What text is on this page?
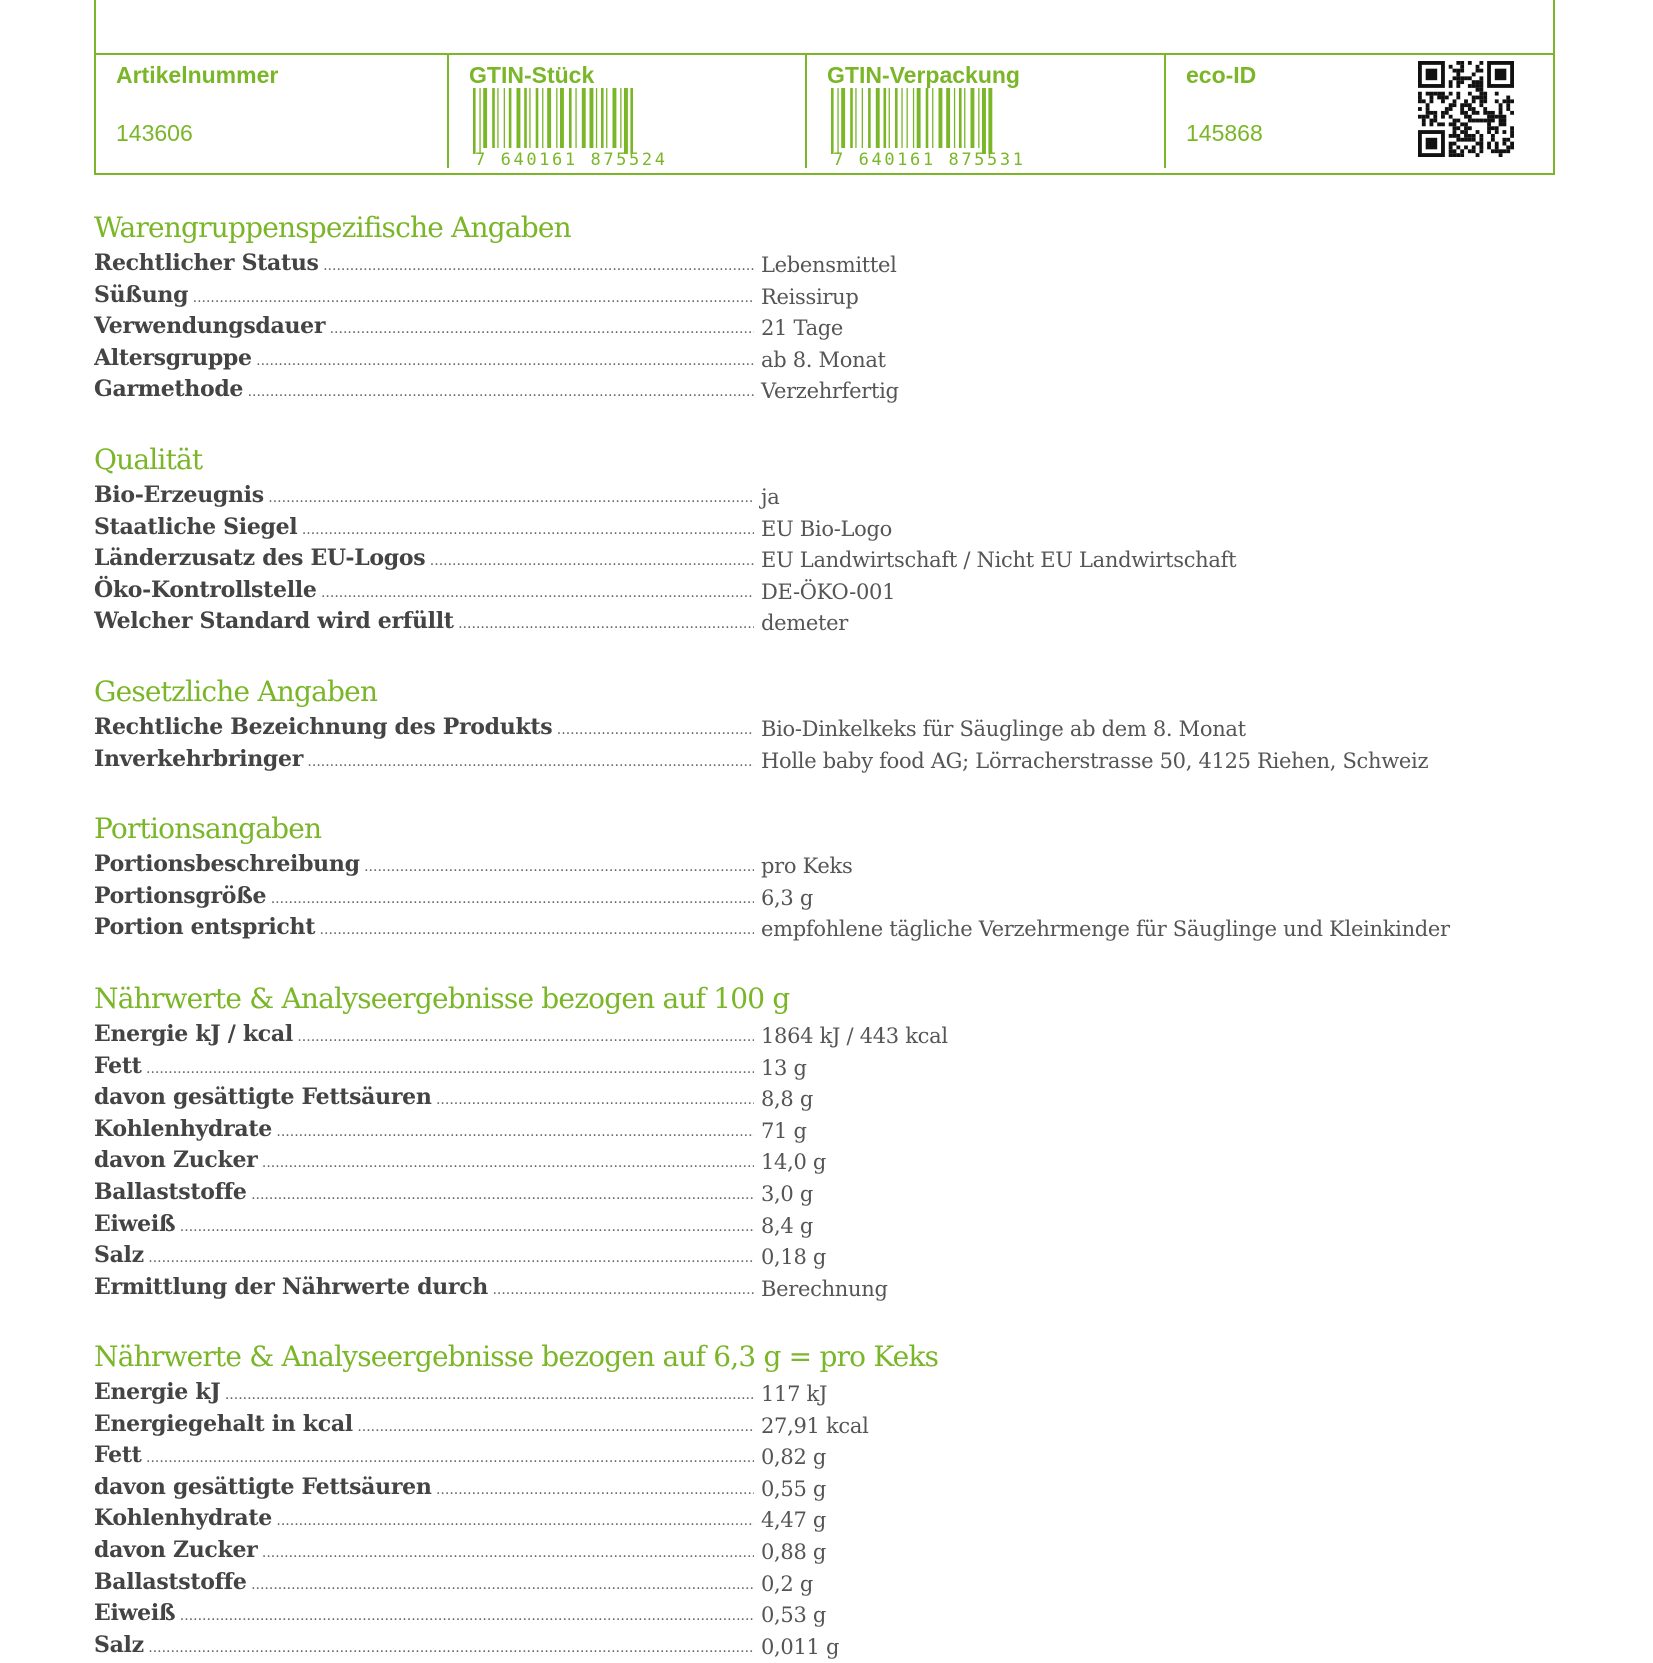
Artikelnummer
143606
GTIN-Stück
7 640161 875524
GTIN-Verpackung
7 640161 875531
eco-ID
145868
Warengruppenspezifische Angaben
Rechtlicher Status .....	Lebensmittel
Süßung .....	Reissirup
Verwendungsdauer .....	21 Tage
Altersgruppe .....	ab 8. Monat
Garmethode .....	Verzehrfertig
Qualität
Bio-Erzeugnis .....	ja
Staatliche Siegel .....	EU Bio-Logo
Länderzusatz des EU-Logos .....	EU Landwirtschaft / Nicht EU Landwirtschaft
Öko-Kontrollstelle .....	DE-ÖKO-001
Welcher Standard wird erfüllt .....	demeter
Gesetzliche Angaben
Rechtliche Bezeichnung des Produkts .....	Bio-Dinkelkeks für Säuglinge ab dem 8. Monat
Inverkehrbringer .....	Holle baby food AG; Lörracherstrasse 50, 4125 Riehen, Schweiz
Portionsangaben
Portionsbeschreibung .....	pro Keks
Portionsgröße .....	6,3 g
Portion entspricht .....	empfohlene tägliche Verzehrmenge für Säuglinge und Kleinkinder
Nährwerte & Analyseergebnisse bezogen auf 100 g
Energie kJ / kcal .....	1864 kJ / 443 kcal
Fett .....	13 g
davon gesättigte Fettsäuren .....	8,8 g
Kohlenhydrate .....	71 g
davon Zucker .....	14,0 g
Ballaststoffe .....	3,0 g
Eiweiß .....	8,4 g
Salz .....	0,18 g
Ermittlung der Nährwerte durch .....	Berechnung
Nährwerte & Analyseergebnisse bezogen auf 6,3 g = pro Keks
Energie kJ .....	117 kJ
Energiegehalt in kcal .....	27,91 kcal
Fett .....	0,82 g
davon gesättigte Fettsäuren .....	0,55 g
Kohlenhydrate .....	4,47 g
davon Zucker .....	0,88 g
Ballaststoffe .....	0,2 g
Eiweiß .....	0,53 g
Salz .....	0,011 g
